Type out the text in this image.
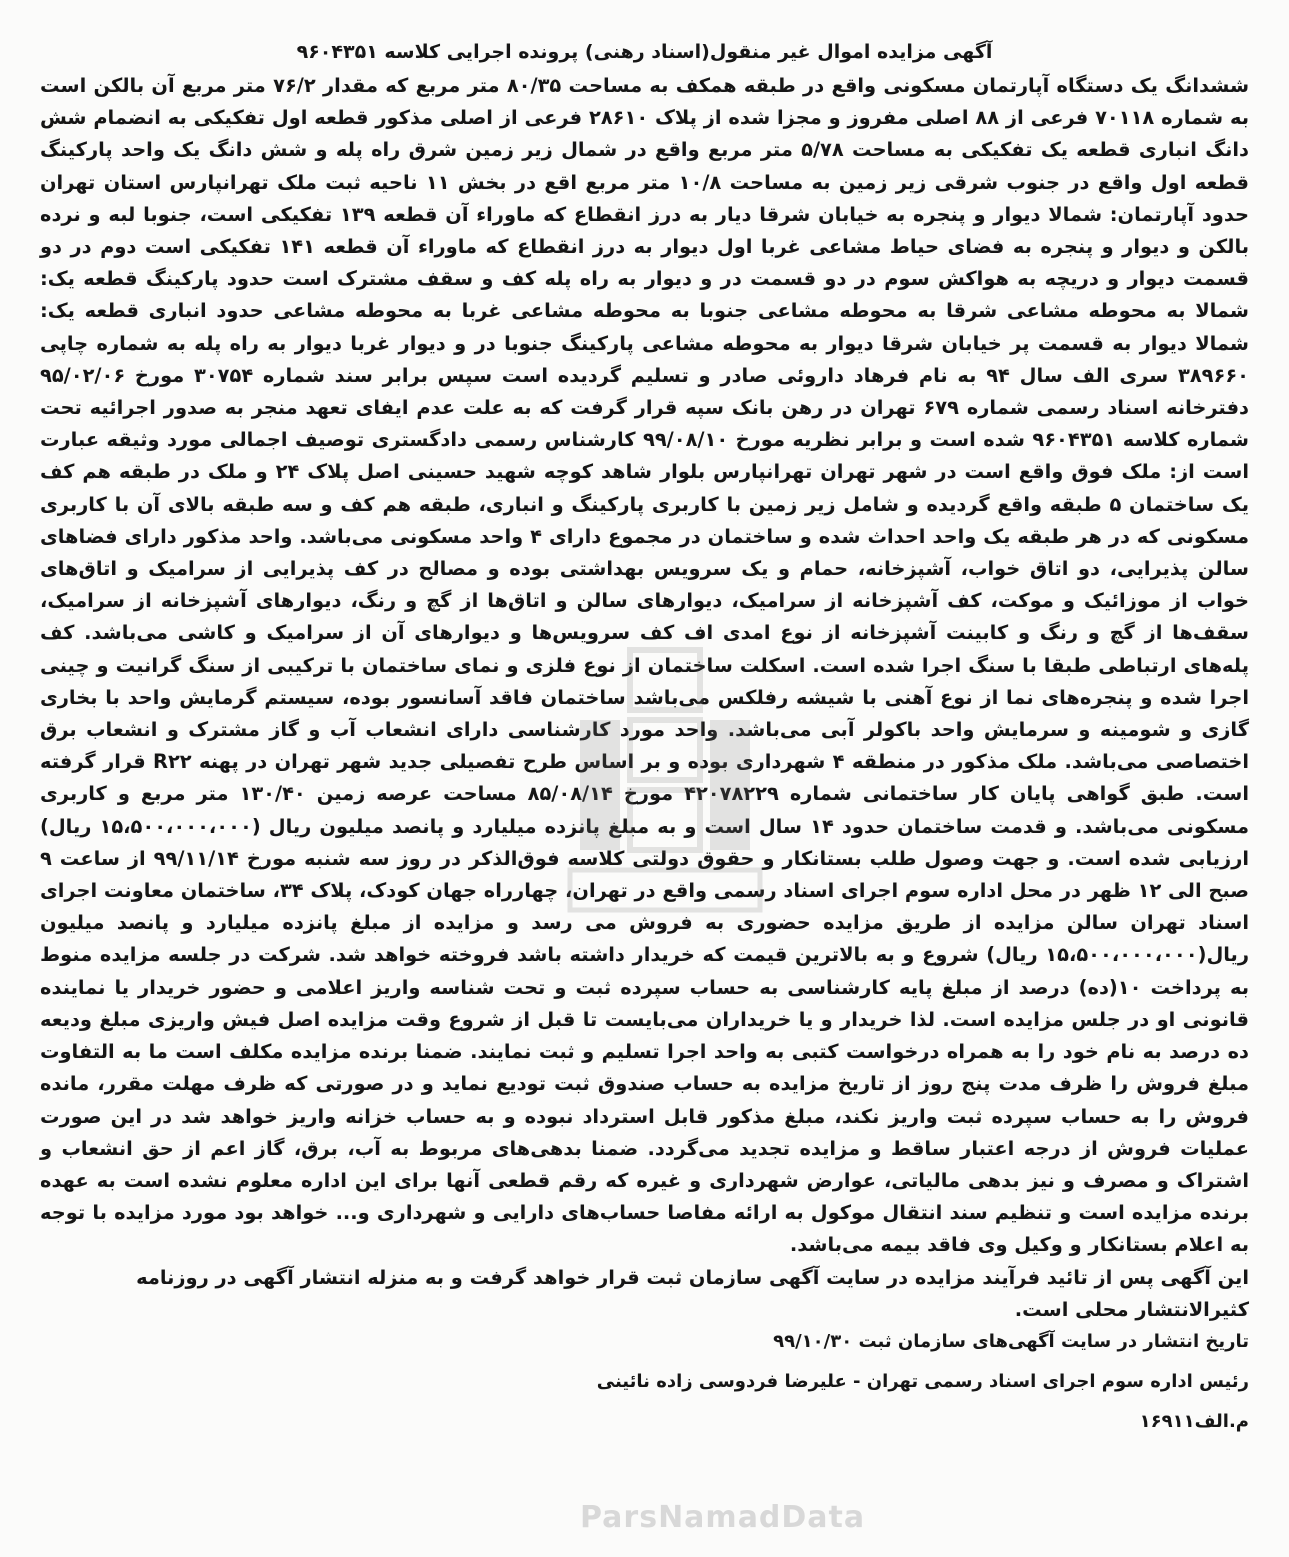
آگهی مزایده اموال غیر منقول(اسناد رهنی) پرونده اجرایی کلاسه ۹۶۰۴۳۵۱

ششدانگ یک دستگاه آپارتمان مسکونی واقع در طبقه همکف به مساحت ۸۰/۳۵ متر مربع که مقدار ۷۶/۲ متر مربع آن بالکن است به شماره ۷۰۱۱۸ فرعی از ۸۸ اصلی مفروز و مجزا شده از پلاک ۲۸۶۱۰ فرعی از اصلی مذکور قطعه اول تفکیکی به انضمام شش دانگ انباری قطعه یک تفکیکی به مساحت ۵/۷۸ متر مربع واقع در شمال زیر زمین شرق راه پله و شش دانگ یک واحد پارکینگ قطعه اول واقع در جنوب شرقی زیر زمین به مساحت ۱۰/۸ متر مربع اقع در بخش ۱۱ ناحیه ثبت ملک تهرانپارس استان تهران حدود آپارتمان: شمالا دیوار و پنجره به خیابان شرقا دیار به درز انقطاع که ماوراء آن قطعه ۱۳۹ تفکیکی است، جنوبا لبه و نرده بالکن و دیوار و پنجره به فضای حیاط مشاعی غربا اول دیوار به درز انقطاع که ماوراء آن قطعه ۱۴۱ تفکیکی است دوم در دو قسمت دیوار و دریچه به هواکش سوم در دو قسمت در و دیوار به راه پله کف و سقف مشترک است حدود پارکینگ قطعه یک: شمالا به محوطه مشاعی شرقا به محوطه مشاعی جنوبا به محوطه مشاعی غربا به محوطه مشاعی حدود انباری قطعه یک: شمالا دیوار به قسمت پر خیابان شرقا دیوار به محوطه مشاعی پارکینگ جنوبا در و دیوار غربا دیوار به راه پله به شماره چاپی ۳۸۹۶۶۰ سری الف سال ۹۴ به نام فرهاد داروئی صادر و تسلیم گردیده است سپس برابر سند شماره ۳۰۷۵۴ مورخ ۹۵/۰۲/۰۶ دفترخانه اسناد رسمی شماره ۶۷۹ تهران در رهن بانک سپه قرار گرفت که به علت عدم ایفای تعهد منجر به صدور اجرائیه تحت شماره کلاسه ۹۶۰۴۳۵۱ شده است و برابر نظریه مورخ ۹۹/۰۸/۱۰ کارشناس رسمی دادگستری توصیف اجمالی مورد وثیقه عبارت است از: ملک فوق واقع است در شهر تهران تهرانپارس بلوار شاهد کوچه شهید حسینی اصل پلاک ۲۴ و ملک در طبقه هم کف یک ساختمان ۵ طبقه واقع گردیده و شامل زیر زمین با کاربری پارکینگ و انباری، طبقه هم کف و سه طبقه بالای آن با کاربری مسکونی که در هر طبقه یک واحد احداث شده و ساختمان در مجموع دارای ۴ واحد مسکونی می‌باشد. واحد مذکور دارای فضاهای سالن پذیرایی، دو اتاق خواب، آشپزخانه، حمام و یک سرویس بهداشتی بوده و مصالح در کف پذیرایی از سرامیک و اتاق‌های خواب از موزائیک و موکت، کف آشپزخانه از سرامیک، دیوارهای سالن و اتاق‌ها از گچ و رنگ، دیوارهای آشپزخانه از سرامیک، سقف‌ها از گچ و رنگ و کابینت آشپزخانه از نوع امدی اف کف سرویس‌ها و دیوارهای آن از سرامیک و کاشی می‌باشد. کف پله‌های ارتباطی طبقا با سنگ اجرا شده است. اسکلت ساختمان از نوع فلزی و نمای ساختمان با ترکیبی از سنگ گرانیت و چینی اجرا شده و پنجره‌های نما از نوع آهنی با شیشه رفلکس می‌باشد ساختمان فاقد آسانسور بوده، سیستم گرمایش واحد با بخاری گازی و شومینه و سرمایش واحد باکولر آبی می‌باشد. واحد مورد کارشناسی دارای انشعاب آب و گاز مشترک و انشعاب برق اختصاصی می‌باشد. ملک مذکور در منطقه ۴ شهرداری بوده و بر اساس طرح تفصیلی جدید شهر تهران در پهنه R۲۲ قرار گرفته است. طبق گواهی پایان کار ساختمانی شماره ۴۲۰۷۸۲۲۹ مورخ ۸۵/۰۸/۱۴ مساحت عرصه زمین ۱۳۰/۴۰ متر مربع و کاربری مسکونی می‌باشد. و قدمت ساختمان حدود ۱۴ سال است و به مبلغ پانزده میلیارد و پانصد میلیون ریال (۱۵،۵۰۰،۰۰۰،۰۰۰ ریال) ارزیابی شده است. و جهت وصول طلب بستانکار و حقوق دولتی کلاسه فوق‌الذکر در روز سه شنبه مورخ ۹۹/۱۱/۱۴ از ساعت ۹ صبح الی ۱۲ ظهر در محل اداره سوم اجرای اسناد رسمی واقع در تهران، چهارراه جهان کودک، پلاک ۳۴، ساختمان معاونت اجرای اسناد تهران سالن مزایده از طریق مزایده حضوری به فروش می رسد و مزایده از مبلغ پانزده میلیارد و پانصد میلیون ریال(۱۵،۵۰۰،۰۰۰،۰۰۰ ریال) شروع و به بالاترین قیمت که خریدار داشته باشد فروخته خواهد شد. شرکت در جلسه مزایده منوط به پرداخت ۱۰(ده) درصد از مبلغ پایه کارشناسی به حساب سپرده ثبت و تحت شناسه واریز اعلامی و حضور خریدار یا نماینده قانونی او در جلس مزایده است. لذا خریدار و یا خریداران می‌بایست تا قبل از شروع وقت مزایده اصل فیش واریزی مبلغ ودیعه ده درصد به نام خود را به همراه درخواست کتبی به واحد اجرا تسلیم و ثبت نمایند. ضمنا برنده مزایده مکلف است ما به التفاوت مبلغ فروش را ظرف مدت پنج روز از تاریخ مزایده به حساب صندوق ثبت تودیع نماید و در صورتی که ظرف مهلت مقرر، مانده فروش را به حساب سپرده ثبت واریز نکند، مبلغ مذکور قابل استرداد نبوده و به حساب خزانه واریز خواهد شد در این صورت عملیات فروش از درجه اعتبار ساقط و مزایده تجدید می‌گردد. ضمنا بدهی‌های مربوط به آب، برق، گاز اعم از حق انشعاب و اشتراک و مصرف و نیز بدهی مالیاتی، عوارض شهرداری و غیره که رقم قطعی آنها برای این اداره معلوم نشده است به عهده برنده مزایده است و تنظیم سند انتقال موکول به ارائه مفاصا حساب‌های دارایی و شهرداری و... خواهد بود مورد مزایده با توجه به اعلام بستانکار و وکیل وی فاقد بیمه می‌باشد.

این آگهی پس از تائید فرآیند مزایده در سایت آگهی سازمان ثبت قرار خواهد گرفت و به منزله انتشار آگهی در روزنامه کثیرالانتشار محلی است.

تاریخ انتشار در سایت آگهی‌های سازمان ثبت ۹۹/۱۰/۳۰

رئیس اداره سوم اجرای اسناد رسمی تهران - علیرضا فردوسی زاده نائینی

م.الف۱۶۹۱۱

ParsNamadData
